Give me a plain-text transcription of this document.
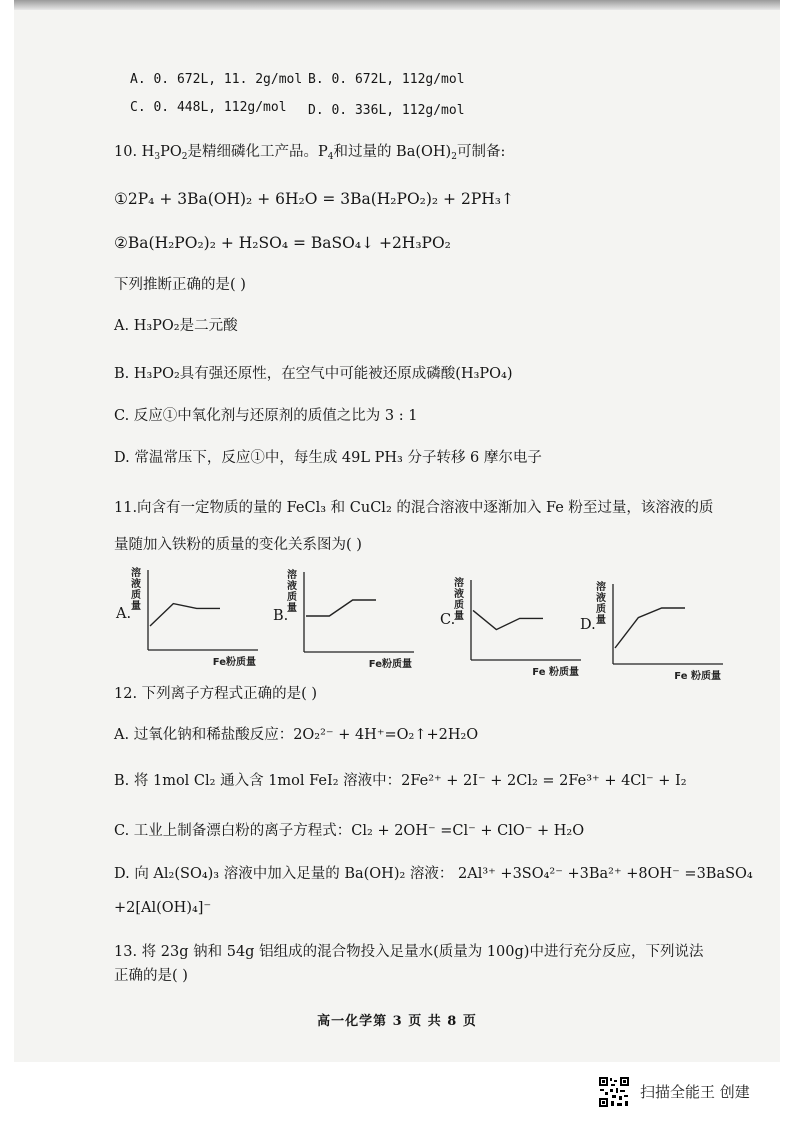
A. 0. 672L, 11. 2g/mol B. 0. 672L, 112g/mol
C. 0. 448L, 112g/mol D. 0. 336L, 112g/mol
10. $H_3PO_2$是精细磷化工产品。$P_4$和过量的 $Ba(OH)_2$可制备:
①2P₄ + 3Ba(OH)₂ + 6H₂O = 3Ba(H₂PO₂)₂ + 2PH₃↑
②Ba(H₂PO₂)₂ + H₂SO₄ = BaSO₄↓ +2H₃PO₂
下列推断正确的是( )
A. H₃PO₂是二元酸
B. H₃PO₂具有强还原性，在空气中可能被还原成磷酸(H₃PO₄)
C. 反应①中氧化剂与还原剂的质值之比为 3 : 1
D. 常温常压下，反应①中，每生成 49L PH₃ 分子转移 6 摩尔电子
11.向含有一定物质的量的 FeCl₃ 和 CuCl₂ 的混合溶液中逐渐加入 Fe 粉至过量，该溶液的质
量随加入铁粉的质量的变化关系图为( )
A.	B.	C.	D.
溶液质量
Fe粉质量
溶液质量
Fe粉质量
溶液质量
Fe 粉质量
溶液质量
Fe 粉质量
12. 下列离子方程式正确的是( )
A. 过氧化钠和稀盐酸反应：2O₂²⁻ + 4H⁺=O₂↑+2H₂O
B. 将 1mol Cl₂ 通入含 1mol FeI₂ 溶液中：2Fe²⁺ + 2I⁻ + 2Cl₂ = 2Fe³⁺ + 4Cl⁻ + I₂
C. 工业上制备漂白粉的离子方程式：Cl₂ + 2OH⁻ =Cl⁻ + ClO⁻ + H₂O
D. 向 Al₂(SO₄)₃ 溶液中加入足量的 Ba(OH)₂ 溶液： 2Al³⁺ +3SO₄²⁻ +3Ba²⁺ +8OH⁻ =3BaSO₄
+2[Al(OH)₄]⁻
13. 将 23g 钠和 54g 铝组成的混合物投入足量水(质量为 100g)中进行充分反应，下列说法
正确的是( )
高一化学第 3 页 共 8 页
扫描全能王 创建
